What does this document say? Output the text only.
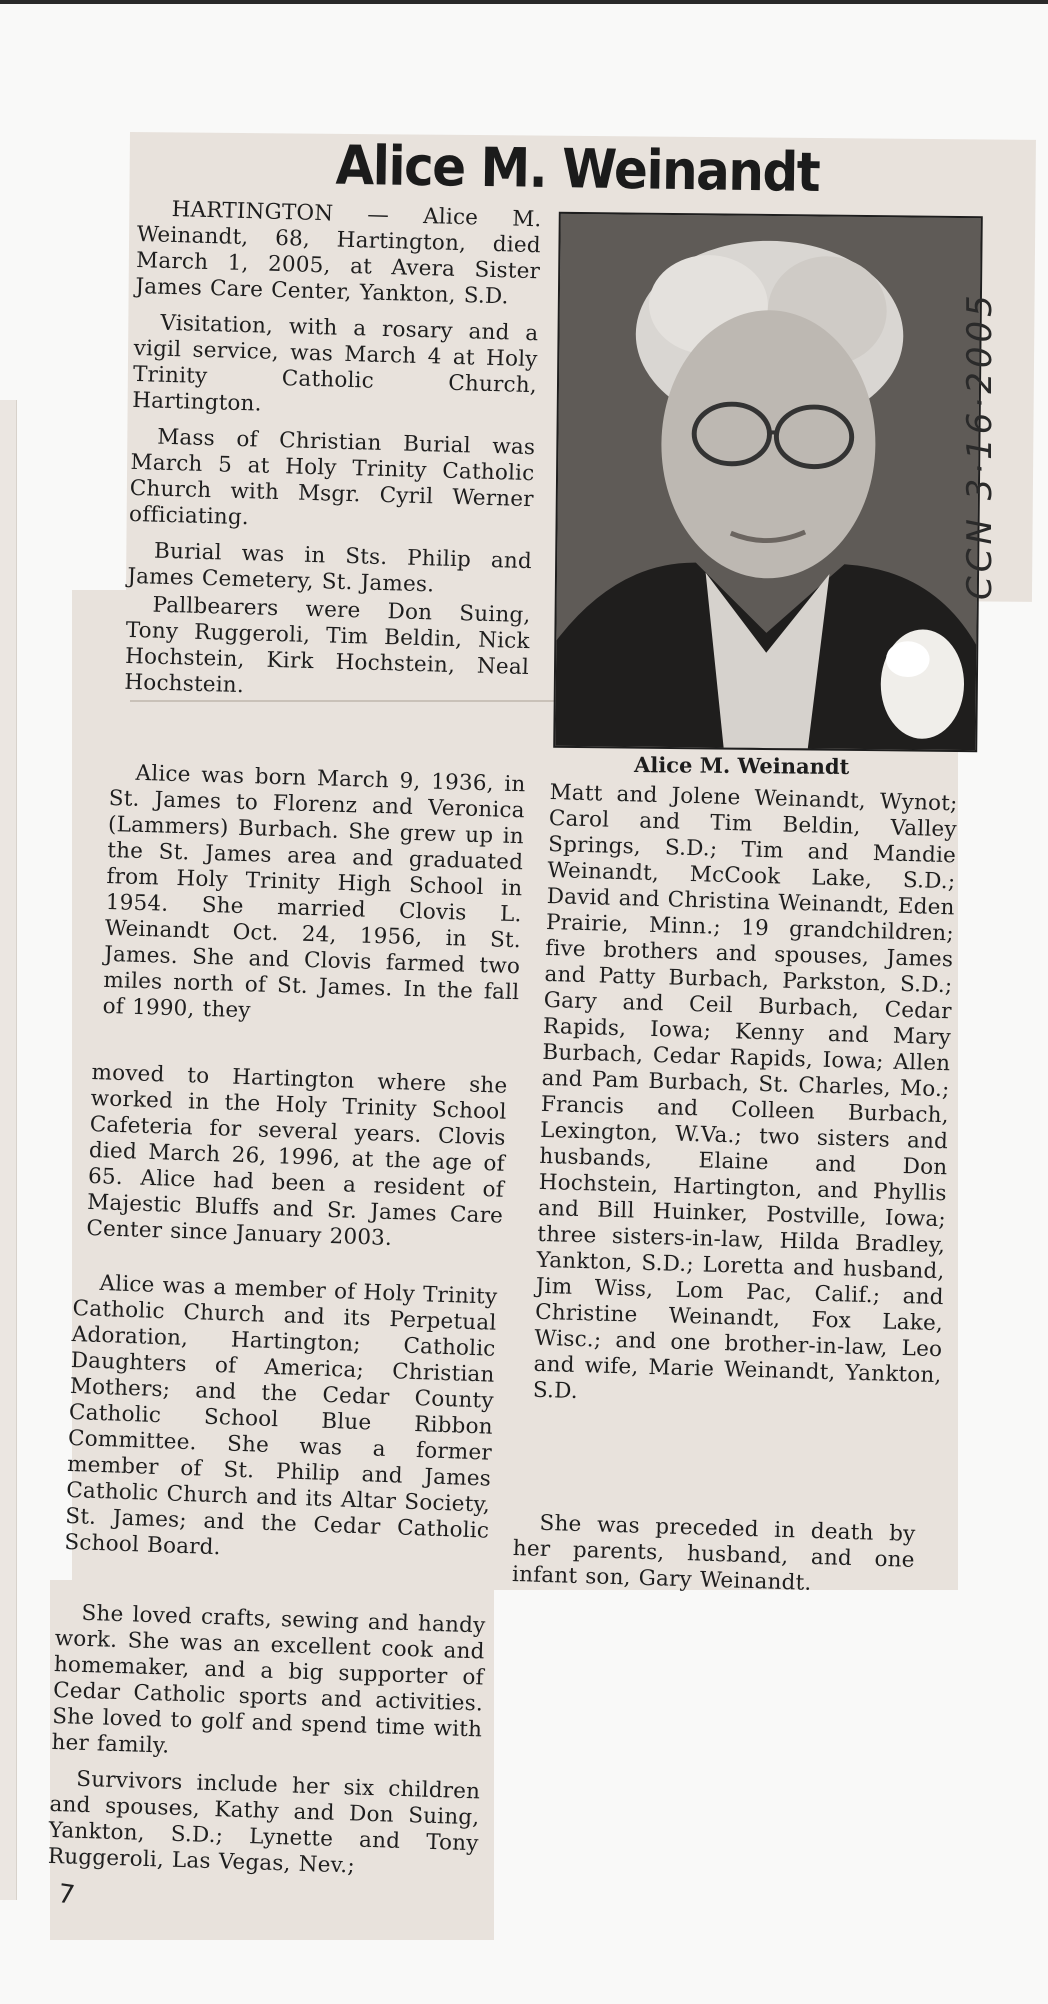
Alice M. Weinandt
Alice M. Weinandt
CCN 3·16·2005

HARTINGTON — Alice M. Weinandt, 68, Hartington, died March 1, 2005, at Avera Sister James Care Center, Yankton, S.D.

Visitation, with a rosary and a vigil service, was March 4 at Holy Trinity Catholic Church, Hartington.

Mass of Christian Burial was March 5 at Holy Trinity Catholic Church with Msgr. Cyril Werner officiating.

Burial was in Sts. Philip and James Cemetery, St. James.

Pallbearers were Don Suing, Tony Ruggeroli, Tim Beldin, Nick Hochstein, Kirk Hochstein, Neal Hochstein.

Alice was born March 9, 1936, in St. James to Florenz and Veronica (Lammers) Burbach. She grew up in the St. James area and graduated from Holy Trinity High School in 1954. She married Clovis L. Weinandt Oct. 24, 1956, in St. James. She and Clovis farmed two miles north of St. James. In the fall of 1990, they

moved to Hartington where she worked in the Holy Trinity School Cafeteria for several years. Clovis died March 26, 1996, at the age of 65. Alice had been a resident of Majestic Bluffs and Sr. James Care Center since January 2003.

Alice was a member of Holy Trinity Catholic Church and its Perpetual Adoration, Hartington; Catholic Daughters of America; Christian Mothers; and the Cedar County Catholic School Blue Ribbon Committee. She was a former member of St. Philip and James Catholic Church and its Altar Society, St. James; and the Cedar Catholic School Board.

She loved crafts, sewing and handy work. She was an excellent cook and homemaker, and a big supporter of Cedar Catholic sports and activities. She loved to golf and spend time with her family.

Survivors include her six children and spouses, Kathy and Don Suing, Yankton, S.D.; Lynette and Tony Ruggeroli, Las Vegas, Nev.;

Matt and Jolene Weinandt, Wynot; Carol and Tim Beldin, Valley Springs, S.D.; Tim and Mandie Weinandt, McCook Lake, S.D.; David and Christina Weinandt, Eden Prairie, Minn.; 19 grandchildren; five brothers and spouses, James and Patty Burbach, Parkston, S.D.; Gary and Ceil Burbach, Cedar Rapids, Iowa; Kenny and Mary Burbach, Cedar Rapids, Iowa; Allen and Pam Burbach, St. Charles, Mo.; Francis and Colleen Burbach, Lexington, W.Va.; two sisters and husbands, Elaine and Don Hochstein, Hartington, and Phyllis and Bill Huinker, Postville, Iowa; three sisters-in-law, Hilda Bradley, Yankton, S.D.; Loretta and husband, Jim Wiss, Lom Pac, Calif.; and Christine Weinandt, Fox Lake, Wisc.; and one brother-in-law, Leo and wife, Marie Weinandt, Yankton, S.D.

She was preceded in death by her parents, husband, and one infant son, Gary Weinandt.

7
